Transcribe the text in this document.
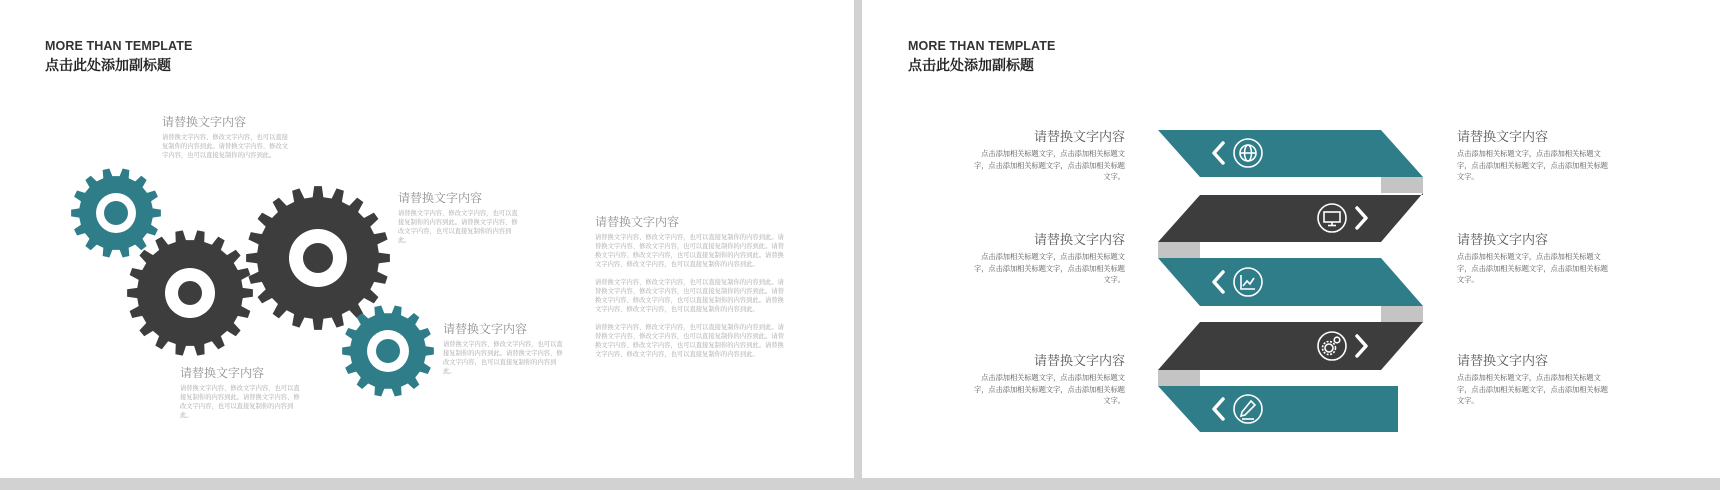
MORE THAN TEMPLATE
点击此处添加副标题
请替换文字内容
请替换文字内容、修改文字内容，也可以直接复制你的内容到此。请替换文字内容、修改文字内容，也可以直接复制你的内容到此。
请替换文字内容
请替换文字内容、修改文字内容，也可以直接复制你的内容到此。请替换文字内容、修改文字内容，也可以直接复制你的内容到此。
请替换文字内容
请替换文字内容、修改文字内容，也可以直接复制你的内容到此。请替换文字内容、修改文字内容，也可以直接复制你的内容到此。
请替换文字内容
请替换文字内容、修改文字内容，也可以直接复制你的内容到此。请替换文字内容、修改文字内容，也可以直接复制你的内容到此。
请替换文字内容
请替换文字内容、修改文字内容，也可以直接复制你的内容到此。请替换文字内容、修改文字内容，也可以直接复制你的内容到此。请替换文字内容、修改文字内容，也可以直接复制你的内容到此。请替换文字内容、修改文字内容，也可以直接复制你的内容到此。
请替换文字内容、修改文字内容，也可以直接复制你的内容到此。请替换文字内容、修改文字内容，也可以直接复制你的内容到此。请替换文字内容、修改文字内容，也可以直接复制你的内容到此。请替换文字内容、修改文字内容，也可以直接复制你的内容到此。
请替换文字内容、修改文字内容，也可以直接复制你的内容到此。请替换文字内容、修改文字内容，也可以直接复制你的内容到此。请替换文字内容、修改文字内容，也可以直接复制你的内容到此。请替换文字内容、修改文字内容，也可以直接复制你的内容到此。
MORE THAN TEMPLATE
点击此处添加副标题
请替换文字内容
点击添加相关标题文字，点击添加相关标题文字，点击添加相关标题文字，点击添加相关标题文字。
请替换文字内容
点击添加相关标题文字，点击添加相关标题文字，点击添加相关标题文字，点击添加相关标题文字。
请替换文字内容
点击添加相关标题文字，点击添加相关标题文字，点击添加相关标题文字，点击添加相关标题文字。
请替换文字内容
点击添加相关标题文字，点击添加相关标题文字，点击添加相关标题文字，点击添加相关标题文字。
请替换文字内容
点击添加相关标题文字，点击添加相关标题文字，点击添加相关标题文字，点击添加相关标题文字。
请替换文字内容
点击添加相关标题文字，点击添加相关标题文字，点击添加相关标题文字，点击添加相关标题文字。
